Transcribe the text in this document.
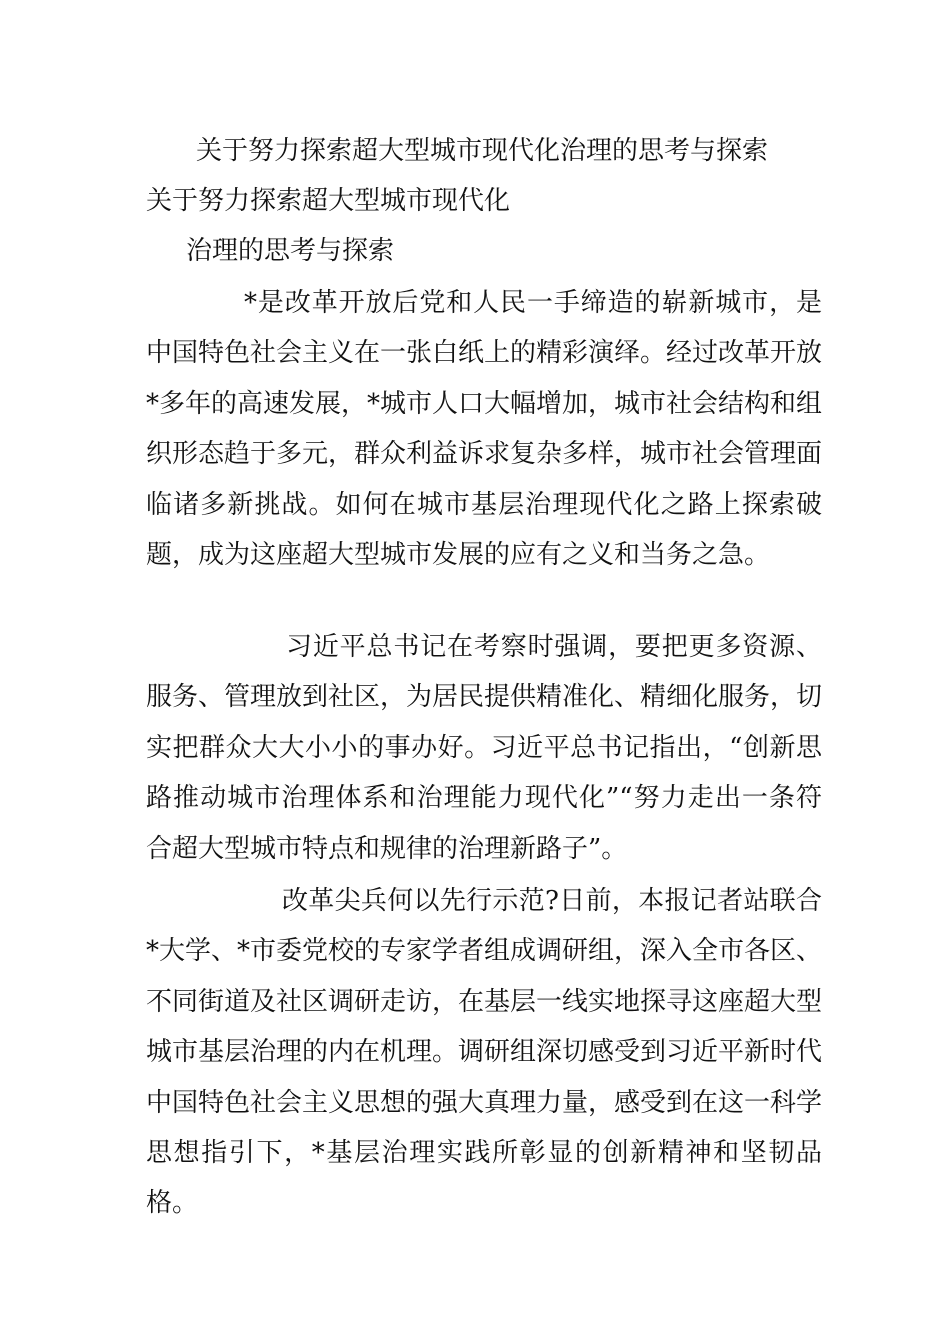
关于努力探索超大型城市现代化治理的思考与探索
关于努力探索超大型城市现代化
治理的思考与探索

*是改革开放后党和人民一手缔造的崭新城市，是中国特色社会主义在一张白纸上的精彩演绎。经过改革开放*多年的高速发展，*城市人口大幅增加，城市社会结构和组织形态趋于多元，群众利益诉求复杂多样，城市社会管理面临诸多新挑战。如何在城市基层治理现代化之路上探索破题，成为这座超大型城市发展的应有之义和当务之急。

习近平总书记在考察时强调，要把更多资源、服务、管理放到社区，为居民提供精准化、精细化服务，切实把群众大大小小的事办好。习近平总书记指出，“创新思路推动城市治理体系和治理能力现代化”“努力走出一条符合超大型城市特点和规律的治理新路子”。

改革尖兵何以先行示范?日前，本报记者站联合*大学、*市委党校的专家学者组成调研组，深入全市各区、不同街道及社区调研走访，在基层一线实地探寻这座超大型城市基层治理的内在机理。调研组深切感受到习近平新时代中国特色社会主义思想的强大真理力量，感受到在这一科学思想指引下，*基层治理实践所彰显的创新精神和坚韧品格。
